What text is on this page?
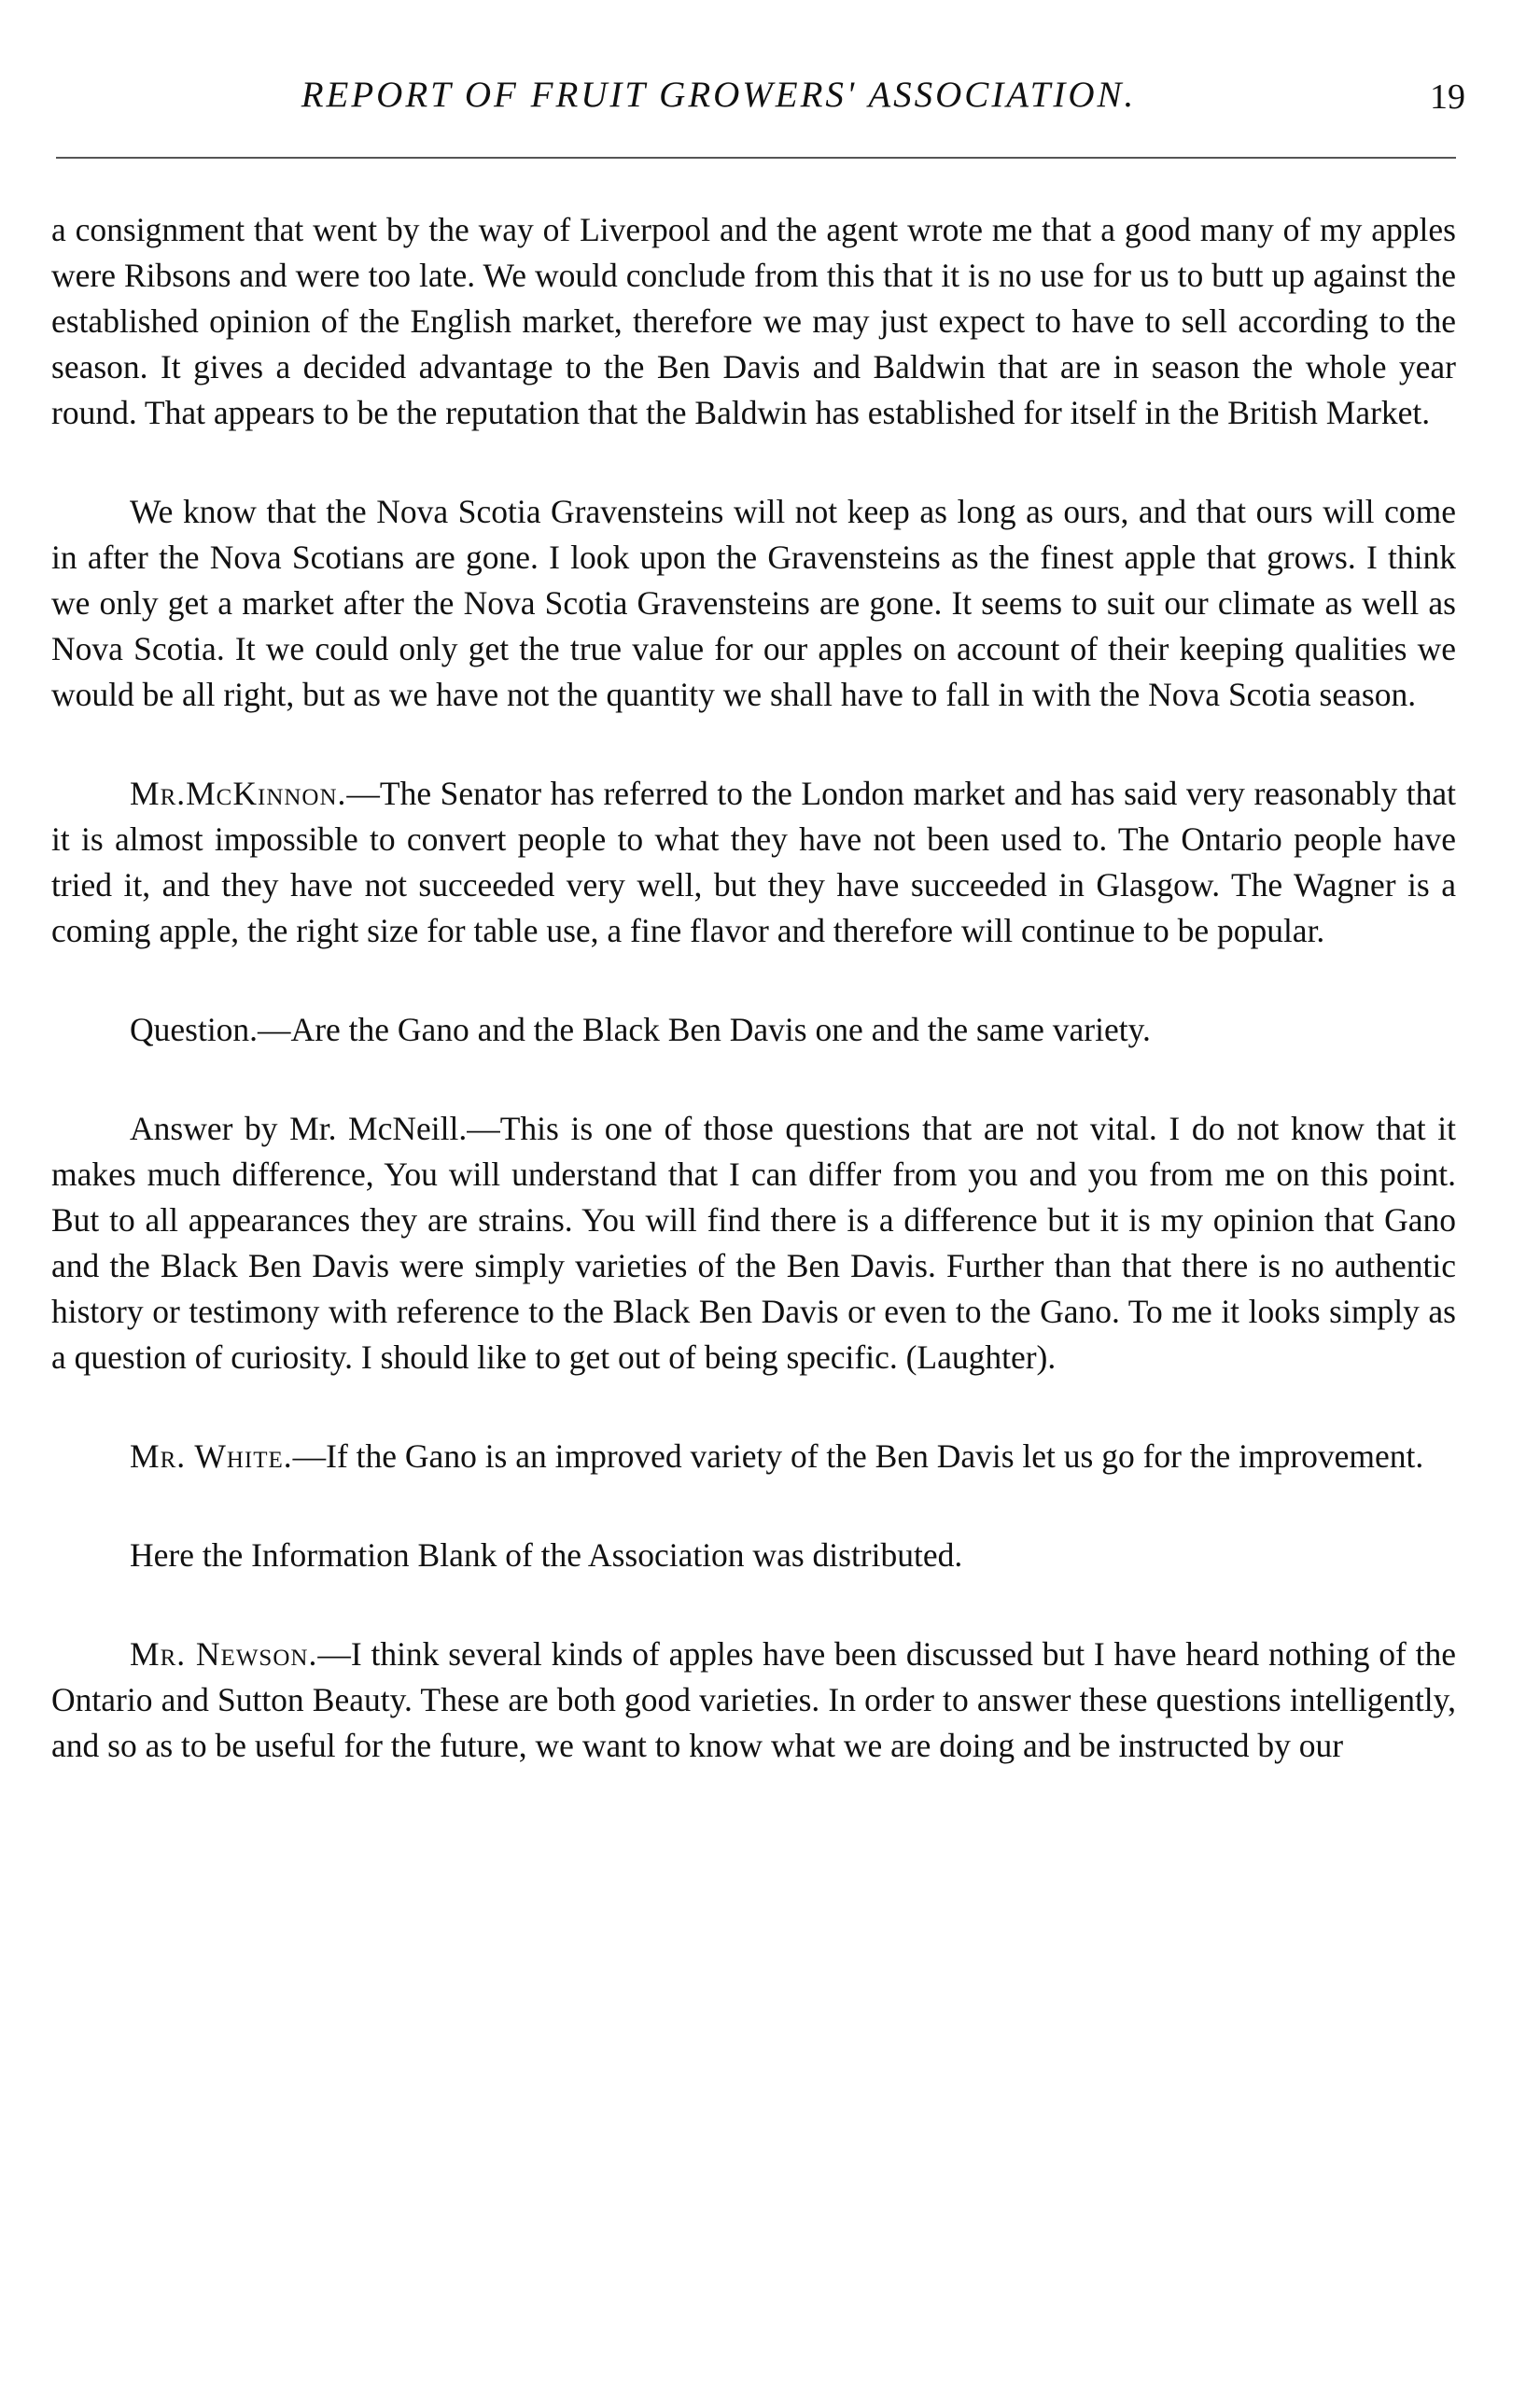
REPORT OF FRUIT GROWERS' ASSOCIATION.	19

a consignment that went by the way of Liverpool and the agent wrote me that a good many of my apples were Ribsons and were too late. We would conclude from this that it is no use for us to butt up against the established opinion of the English market, therefore we may just expect to have to sell according to the season. It gives a decided advantage to the Ben Davis and Baldwin that are in season the whole year round. That appears to be the reputation that the Baldwin has established for itself in the British Market.

We know that the Nova Scotia Gravensteins will not keep as long as ours, and that ours will come in after the Nova Scotians are gone. I look upon the Gravensteins as the finest apple that grows. I think we only get a market after the Nova Scotia Gravensteins are gone. It seems to suit our climate as well as Nova Scotia. It we could only get the true value for our apples on account of their keeping qualities we would be all right, but as we have not the quantity we shall have to fall in with the Nova Scotia season.

Mr.McKinnon.—The Senator has referred to the London market and has said very reasonably that it is almost impossible to convert people to what they have not been used to. The Ontario people have tried it, and they have not succeeded very well, but they have succeeded in Glasgow. The Wagner is a coming apple, the right size for table use, a fine flavor and therefore will continue to be popular.

Question.—Are the Gano and the Black Ben Davis one and the same variety.

Answer by Mr. McNeill.—This is one of those questions that are not vital. I do not know that it makes much difference, You will understand that I can differ from you and you from me on this point. But to all appearances they are strains. You will find there is a difference but it is my opinion that Gano and the Black Ben Davis were simply varieties of the Ben Davis. Further than that there is no authentic history or testimony with reference to the Black Ben Davis or even to the Gano. To me it looks simply as a question of curiosity. I should like to get out of being specific. (Laughter).

Mr. White.—If the Gano is an improved variety of the Ben Davis let us go for the improvement.

Here the Information Blank of the Association was distributed.

Mr. Newson.—I think several kinds of apples have been discussed but I have heard nothing of the Ontario and Sutton Beauty. These are both good varieties. In order to answer these questions intelligently, and so as to be useful for the future, we want to know what we are doing and be instructed by our
